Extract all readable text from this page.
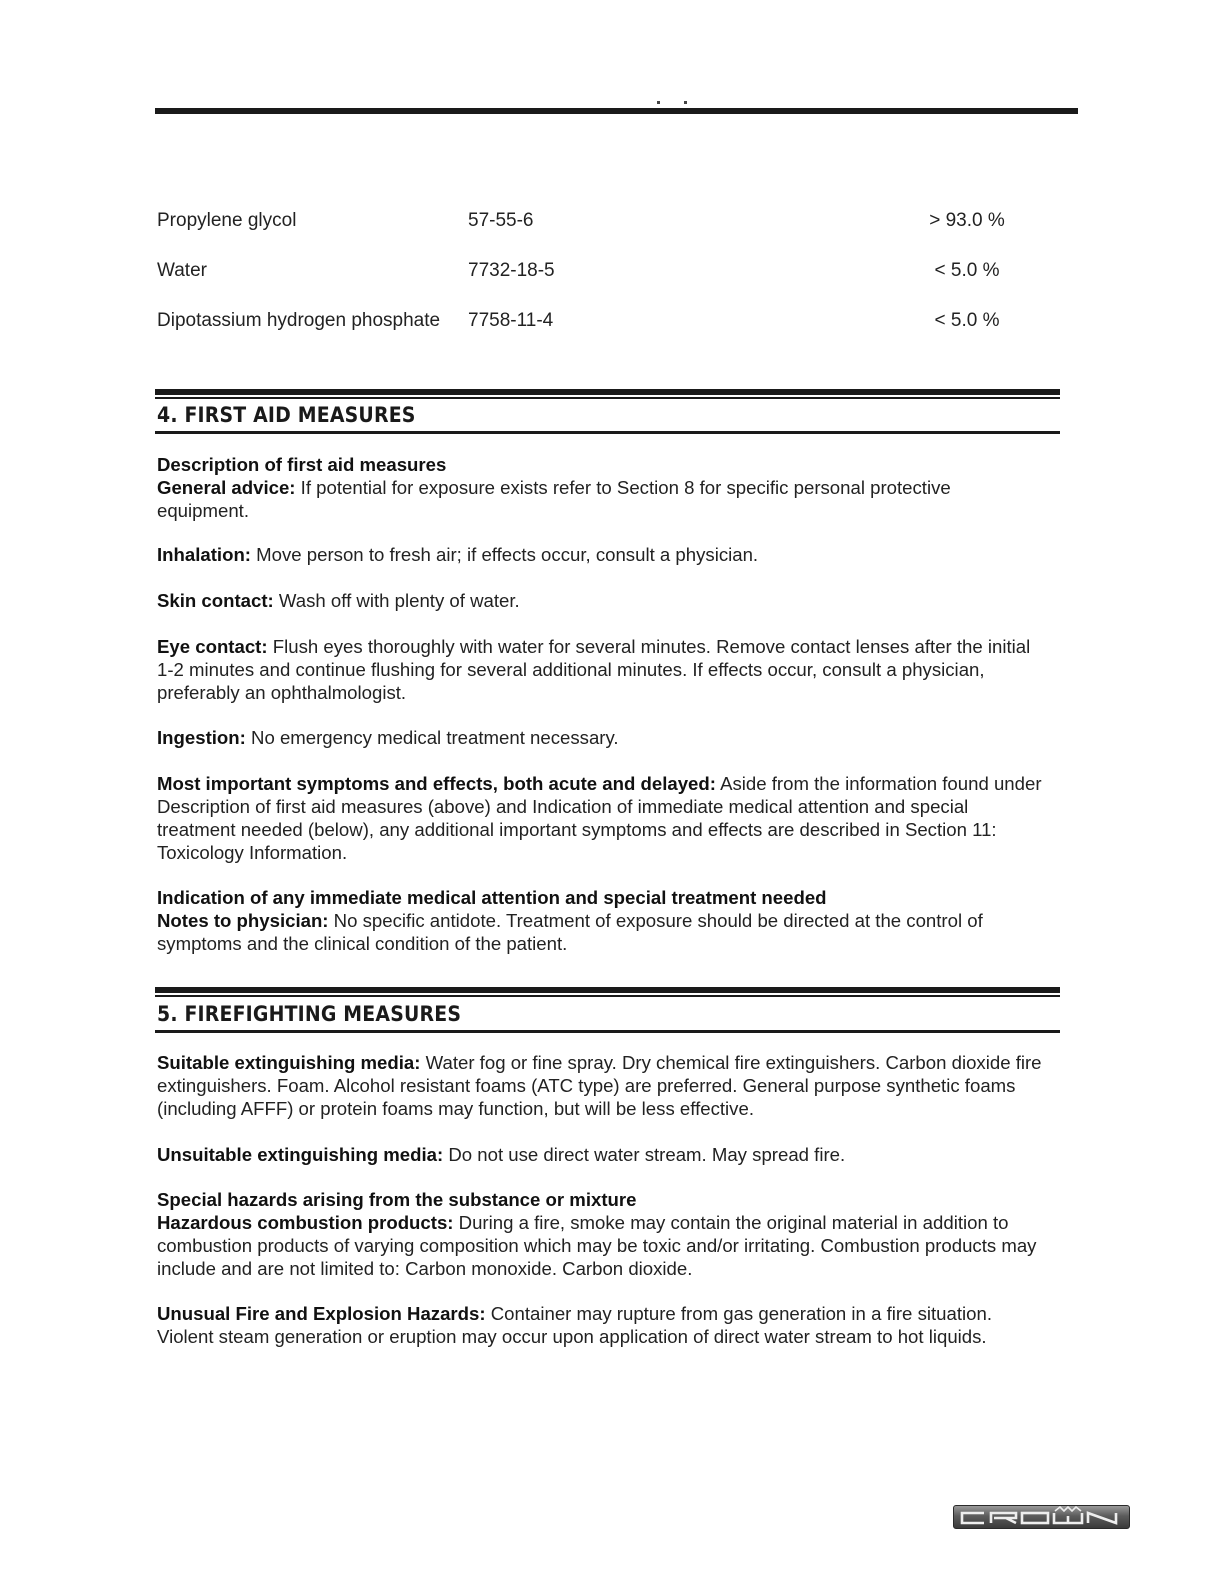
Propylene glycol	57-55-6	> 93.0 %
Water	7732-18-5	< 5.0 %
Dipotassium hydrogen phosphate 7758-11-4	< 5.0 %
4. FIRST AID MEASURES
Description of first aid measures

General advice: If potential for exposure exists refer to Section 8 for specific personal protective equipment.

Inhalation: Move person to fresh air; if effects occur, consult a physician.

Skin contact: Wash off with plenty of water.

Eye contact: Flush eyes thoroughly with water for several minutes. Remove contact lenses after the initial 1-2 minutes and continue flushing for several additional minutes. If effects occur, consult a physician, preferably an ophthalmologist.

Ingestion: No emergency medical treatment necessary.

Most important symptoms and effects, both acute and delayed: Aside from the information found under Description of first aid measures (above) and Indication of immediate medical attention and special treatment needed (below), any additional important symptoms and effects are described in Section 11: Toxicology Information.

Indication of any immediate medical attention and special treatment needed

Notes to physician: No specific antidote. Treatment of exposure should be directed at the control of symptoms and the clinical condition of the patient.

5. FIREFIGHTING MEASURES

Suitable extinguishing media: Water fog or fine spray. Dry chemical fire extinguishers. Carbon dioxide fire extinguishers. Foam. Alcohol resistant foams (ATC type) are preferred. General purpose synthetic foams (including AFFF) or protein foams may function, but will be less effective.

Unsuitable extinguishing media: Do not use direct water stream. May spread fire.

Special hazards arising from the substance or mixture

Hazardous combustion products: During a fire, smoke may contain the original material in addition to combustion products of varying composition which may be toxic and/or irritating. Combustion products may include and are not limited to: Carbon monoxide. Carbon dioxide.

Unusual Fire and Explosion Hazards: Container may rupture from gas generation in a fire situation. Violent steam generation or eruption may occur upon application of direct water stream to hot liquids.
